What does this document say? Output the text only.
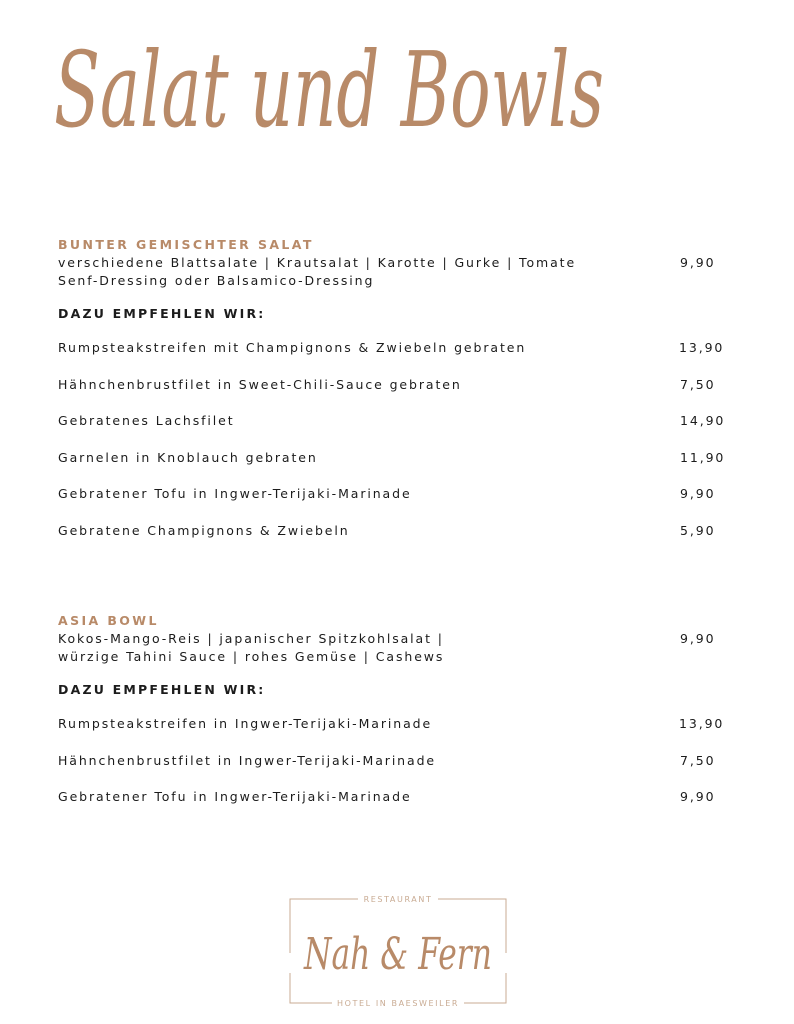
Salat und Bowls
BUNTER GEMISCHTER SALAT
verschiedene Blattsalate | Krautsalat | Karotte | Gurke | Tomate
Senf-Dressing oder Balsamico-Dressing
9,90
DAZU EMPFEHLEN WIR:
Rumpsteakstreifen mit Champignons & Zwiebeln gebraten	13,90
Hähnchenbrustfilet in Sweet-Chili-Sauce gebraten	7,50
Gebratenes Lachsfilet	14,90
Garnelen in Knoblauch gebraten	11,90
Gebratener Tofu in Ingwer-Terijaki-Marinade	9,90
Gebratene Champignons & Zwiebeln	5,90
ASIA BOWL
Kokos-Mango-Reis | japanischer Spitzkohlsalat |
würzige Tahini Sauce | rohes Gemüse | Cashews
9,90
DAZU EMPFEHLEN WIR:
Rumpsteakstreifen in Ingwer-Terijaki-Marinade	13,90
Hähnchenbrustfilet in Ingwer-Terijaki-Marinade	7,50
Gebratener Tofu in Ingwer-Terijaki-Marinade	9,90
RESTAURANT
Nah & Fern
HOTEL IN BAESWEILER
